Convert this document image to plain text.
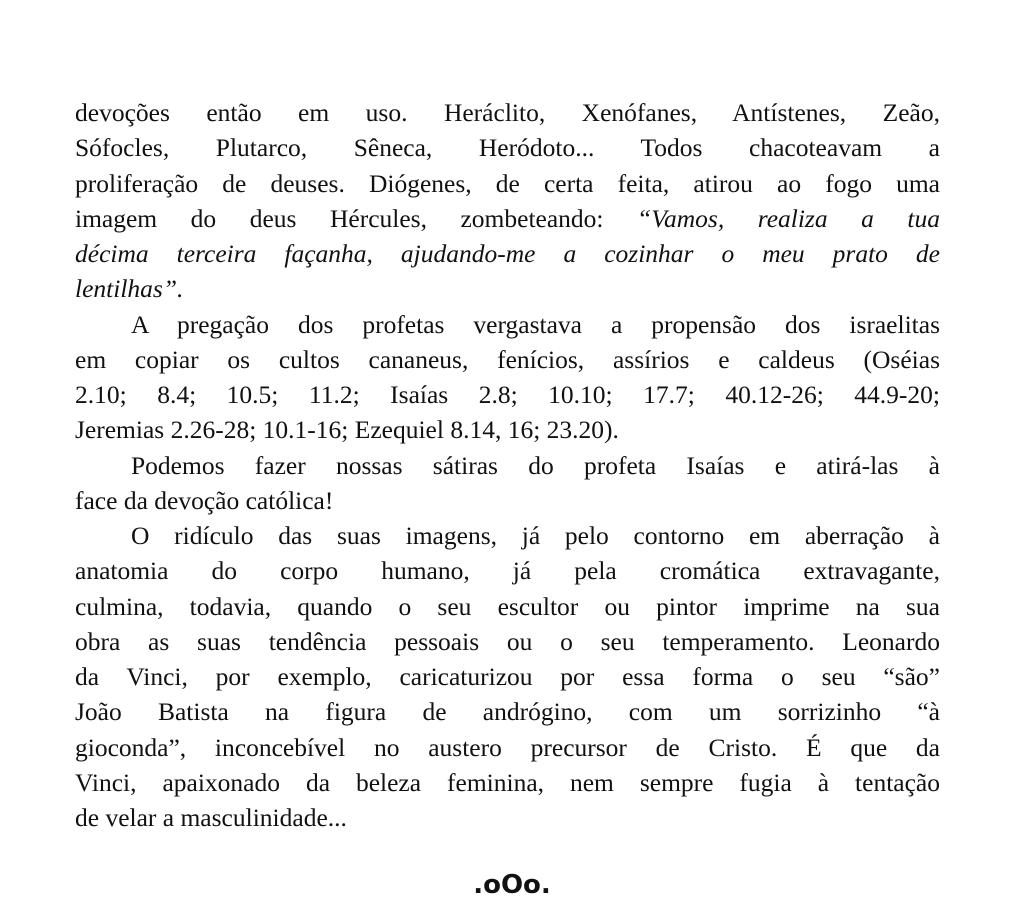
devoções então em uso. Heráclito, Xenófanes, Antístenes, Zeão,
Sófocles, Plutarco, Sêneca, Heródoto... Todos chacoteavam a
proliferação de deuses. Diógenes, de certa feita, atirou ao fogo uma
imagem do deus Hércules, zombeteando: “Vamos, realiza a tua
décima terceira façanha, ajudando-me a cozinhar o meu prato de
lentilhas”.
A pregação dos profetas vergastava a propensão dos israelitas
em copiar os cultos cananeus, fenícios, assírios e caldeus (Oséias
2.10; 8.4; 10.5; 11.2; Isaías 2.8; 10.10; 17.7; 40.12-26; 44.9-20;
Jeremias 2.26-28; 10.1-16; Ezequiel 8.14, 16; 23.20).
Podemos fazer nossas sátiras do profeta Isaías e atirá-las à
face da devoção católica!
O ridículo das suas imagens, já pelo contorno em aberração à
anatomia do corpo humano, já pela cromática extravagante,
culmina, todavia, quando o seu escultor ou pintor imprime na sua
obra as suas tendência pessoais ou o seu temperamento. Leonardo
da Vinci, por exemplo, caricaturizou por essa forma o seu “são”
João Batista na figura de andrógino, com um sorrizinho “à
gioconda”, inconcebível no austero precursor de Cristo. É que da
Vinci, apaixonado da beleza feminina, nem sempre fugia à tentação
de velar a masculinidade...
.oOo.
